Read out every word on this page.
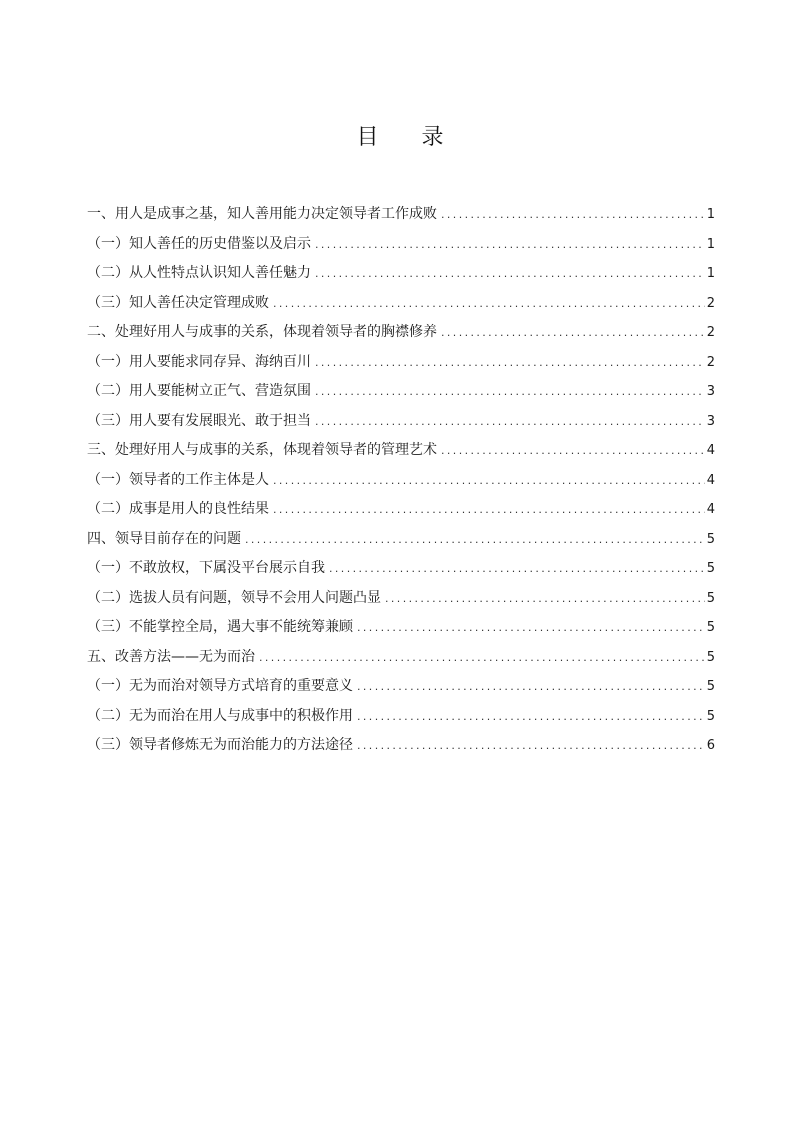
目 录
一、用人是成事之基，知人善用能力决定领导者工作成败 .....	1
（一）知人善任的历史借鉴以及启示 .....	1
（二）从人性特点认识知人善任魅力 .....	1
（三）知人善任决定管理成败 .....	2
二、处理好用人与成事的关系，体现着领导者的胸襟修养 .....	2
（一）用人要能求同存异、海纳百川 .....	2
（二）用人要能树立正气、营造氛围 .....	3
（三）用人要有发展眼光、敢于担当 .....	3
三、处理好用人与成事的关系，体现着领导者的管理艺术 .....	4
（一）领导者的工作主体是人 .....	4
（二）成事是用人的良性结果 .....	4
四、领导目前存在的问题 .....	5
（一）不敢放权，下属没平台展示自我 .....	5
（二）选拔人员有问题，领导不会用人问题凸显 .....	5
（三）不能掌控全局，遇大事不能统筹兼顾 .....	5
五、改善方法——无为而治 .....	5
（一）无为而治对领导方式培育的重要意义 .....	5
（二）无为而治在用人与成事中的积极作用 .....	5
（三）领导者修炼无为而治能力的方法途径 .....	6
